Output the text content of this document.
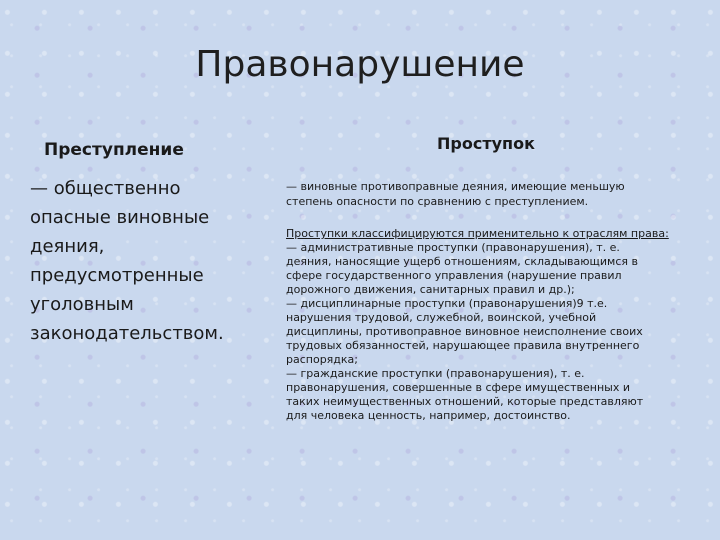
Правонарушение
Преступление
— общественно
опасные виновные
деяния,
предусмотренные
уголовным
законодательством.
Проступок
— виновные противоправные деяния, имеющие меньшую
степень опасности по сравнению с преступлением.
Проступки классифицируются применительно к отраслям права:
— административные проступки (правонарушения), т. е.
деяния, наносящие ущерб отношениям, складывающимся в
сфере государственного управления (нарушение правил
дорожного движения, санитарных правил и др.);
— дисциплинарные проступки (правонарушения)9 т.е.
нарушения трудовой, служебной, воинской, учебной
дисциплины, противоправное виновное неисполнение своих
трудовых обязанностей, нарушающее правила внутреннего
распорядка;
— гражданские проступки (правонарушения), т. е.
правонарушения, совершенные в сфере имущественных и
таких неимущественных отношений, которые представляют
для человека ценность, например, достоинство.
